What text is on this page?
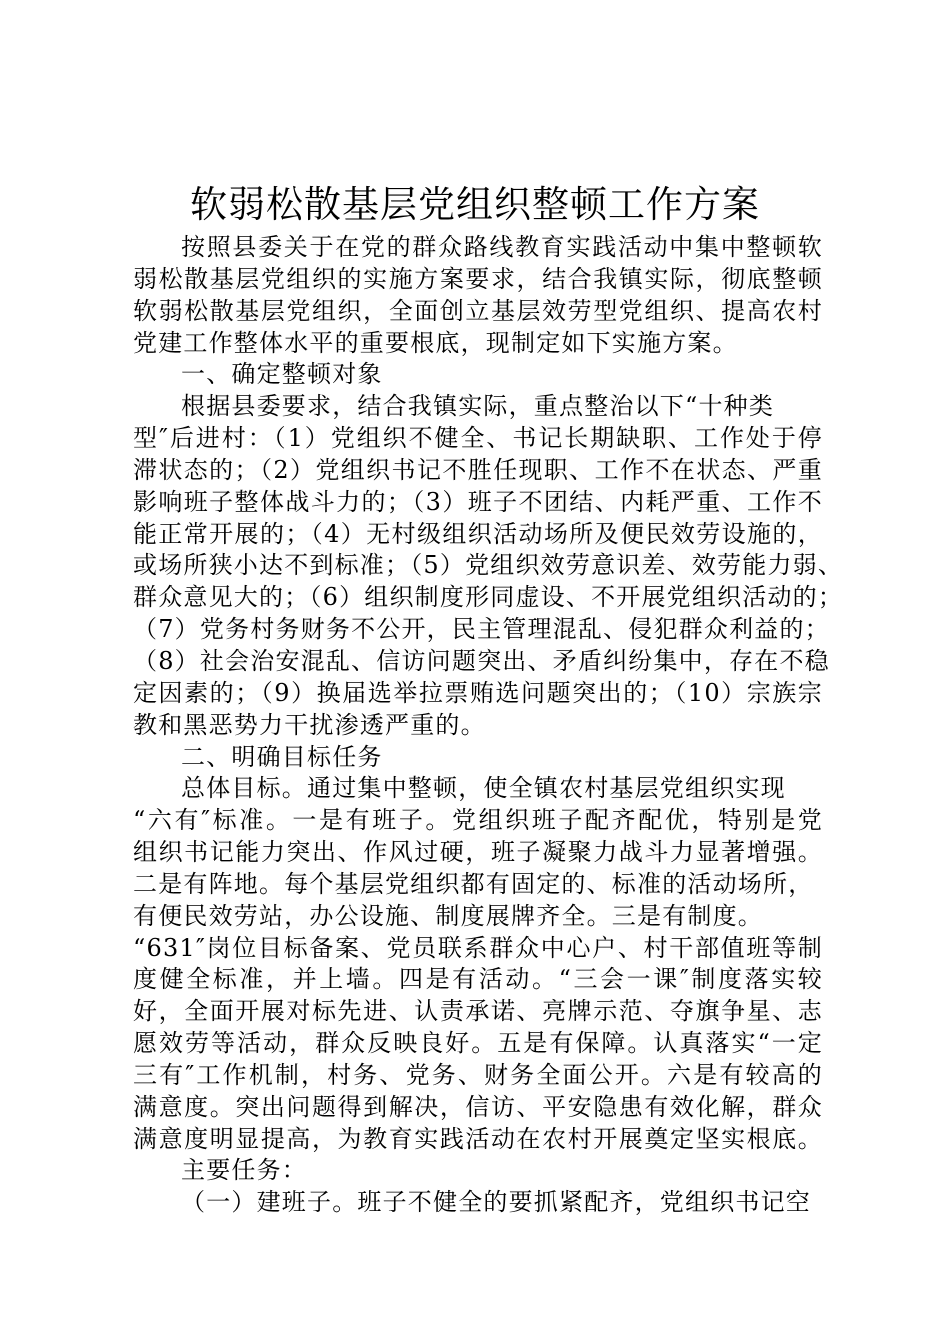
软弱松散基层党组织整顿工作方案
按照县委关于在党的群众路线教育实践活动中集中整顿软
弱松散基层党组织的实施方案要求，结合我镇实际，彻底整顿
软弱松散基层党组织，全面创立基层效劳型党组织、提高农村
党建工作整体水平的重要根底，现制定如下实施方案。
一、确定整顿对象
根据县委要求，结合我镇实际，重点整治以下“十种类
型″后进村：（1）党组织不健全、书记长期缺职、工作处于停
滞状态的；（2）党组织书记不胜任现职、工作不在状态、严重
影响班子整体战斗力的；（3）班子不团结、内耗严重、工作不
能正常开展的；（4）无村级组织活动场所及便民效劳设施的，
或场所狭小达不到标准；（5）党组织效劳意识差、效劳能力弱、
群众意见大的；（6）组织制度形同虚设、不开展党组织活动的；
（7）党务村务财务不公开，民主管理混乱、侵犯群众利益的；
（8）社会治安混乱、信访问题突出、矛盾纠纷集中，存在不稳
定因素的；（9）换届选举拉票贿选问题突出的；（10）宗族宗
教和黑恶势力干扰渗透严重的。
二、明确目标任务
总体目标。通过集中整顿，使全镇农村基层党组织实现
“六有″标准。一是有班子。党组织班子配齐配优，特别是党
组织书记能力突出、作风过硬，班子凝聚力战斗力显著增强。
二是有阵地。每个基层党组织都有固定的、标准的活动场所，
有便民效劳站，办公设施、制度展牌齐全。三是有制度。
“631″岗位目标备案、党员联系群众中心户、村干部值班等制
度健全标准，并上墙。四是有活动。“三会一课″制度落实较
好，全面开展对标先进、认责承诺、亮牌示范、夺旗争星、志
愿效劳等活动，群众反映良好。五是有保障。认真落实“一定
三有″工作机制，村务、党务、财务全面公开。六是有较高的
满意度。突出问题得到解决，信访、平安隐患有效化解，群众
满意度明显提高，为教育实践活动在农村开展奠定坚实根底。
主要任务：
（一）建班子。班子不健全的要抓紧配齐，党组织书记空
